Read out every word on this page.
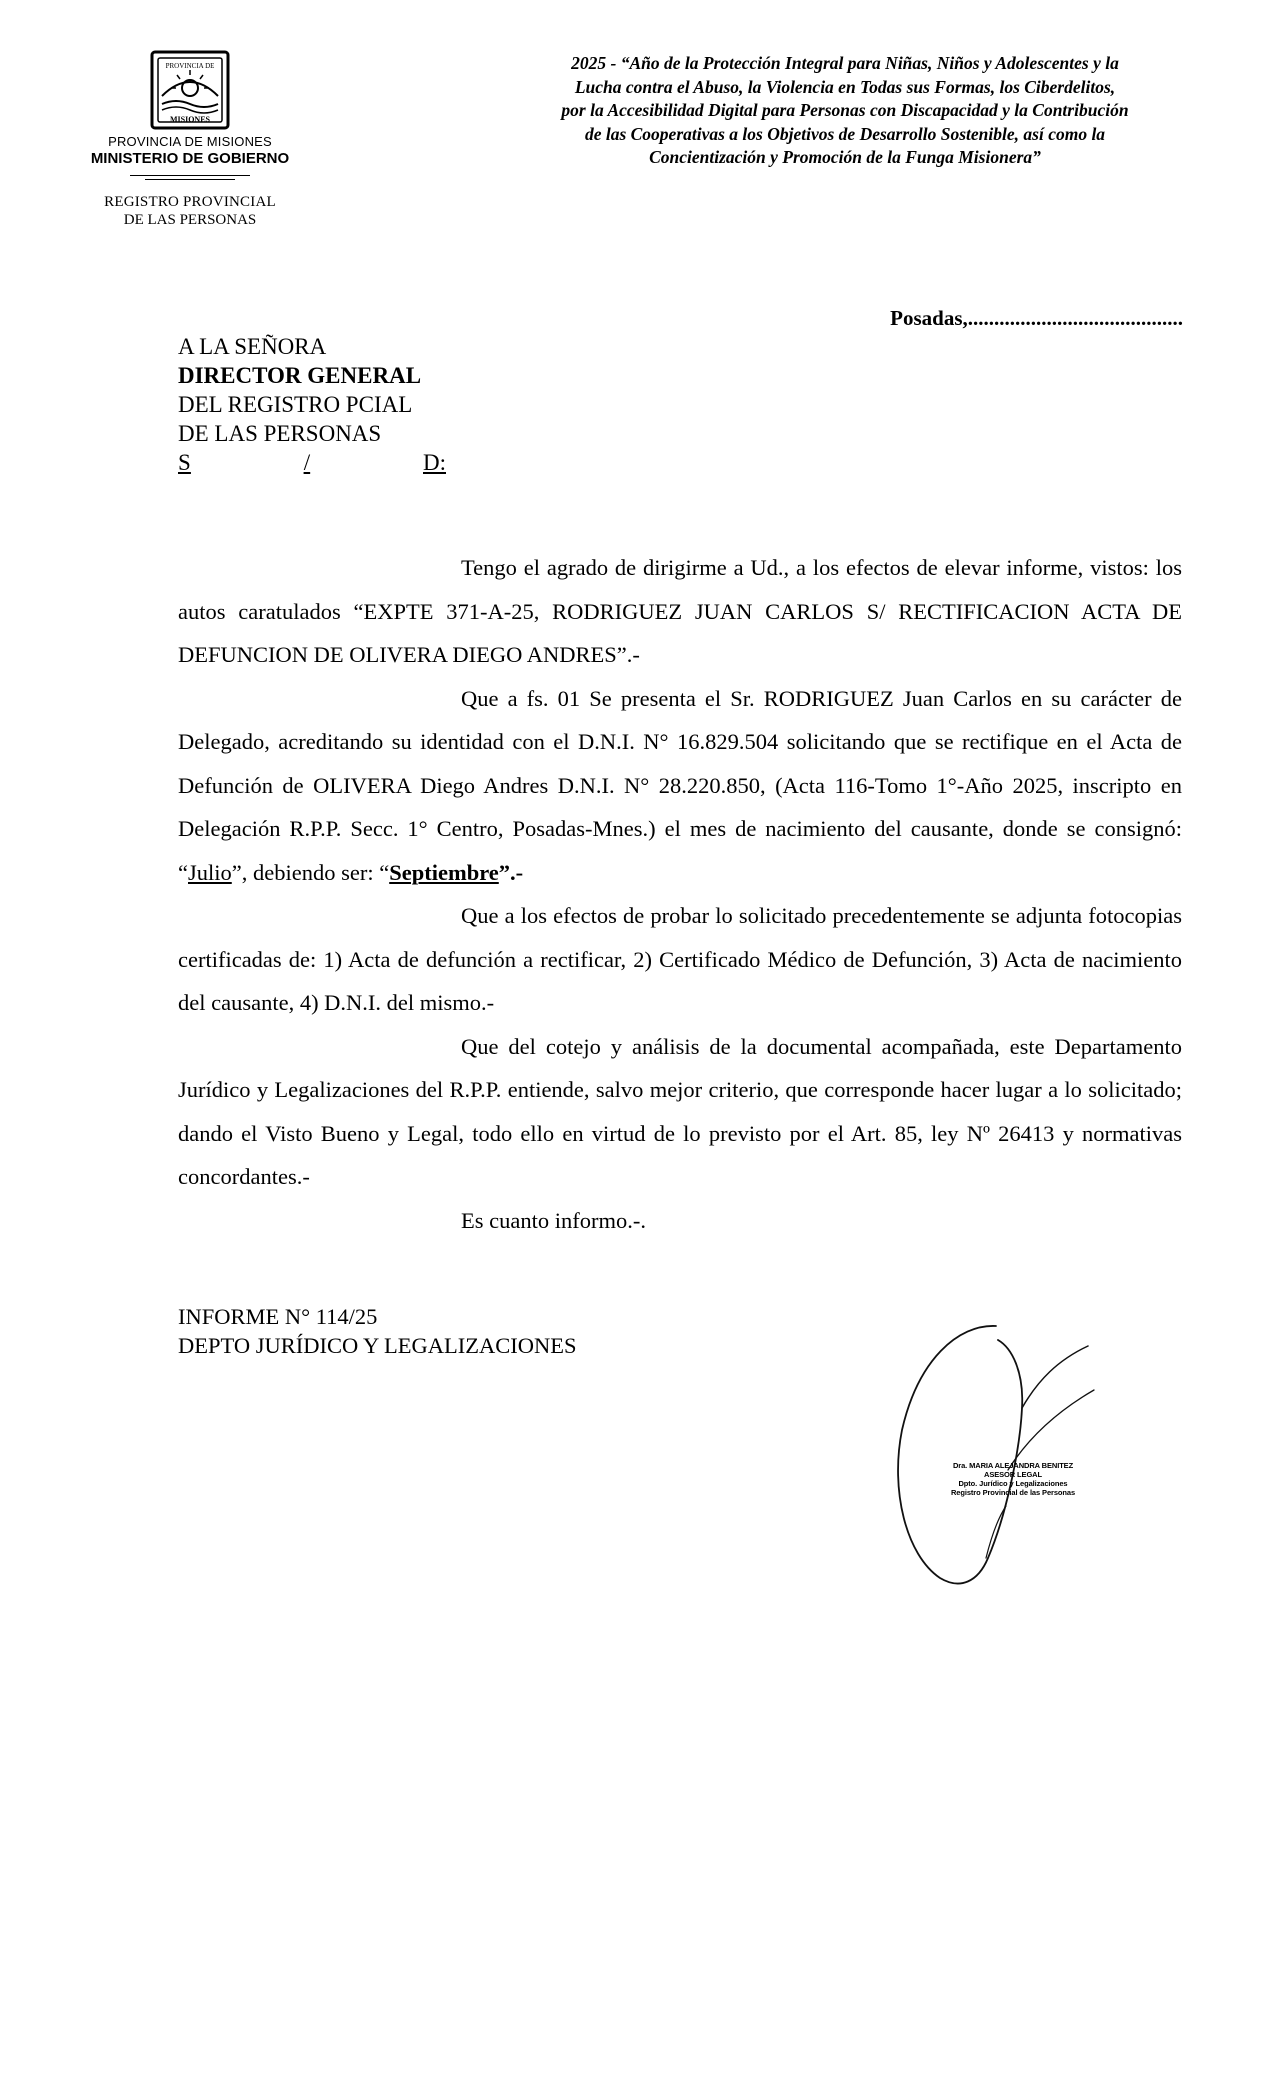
PROVINCIA DE
MISIONES
PROVINCIA DE MISIONES
MINISTERIO DE GOBIERNO
REGISTRO PROVINCIAL
DE LAS PERSONAS
2025 - “Año de la Protección Integral para Niñas, Niños y Adolescentes y la
Lucha contra el Abuso, la Violencia en Todas sus Formas, los Ciberdelitos,
por la Accesibilidad Digital para Personas con Discapacidad y la Contribución
de las Cooperativas a los Objetivos de Desarrollo Sostenible, así como la
Concientización y Promoción de la Funga Misionera”
Posadas,.........................................
A LA SEÑORA
DIRECTOR GENERAL
DEL REGISTRO PCIAL
DE LAS PERSONAS
S	/	D:

Tengo el agrado de dirigirme a Ud., a los efectos de elevar informe, vistos: los autos caratulados “EXPTE 371-A-25, RODRIGUEZ JUAN CARLOS S/ RECTIFICACION ACTA DE DEFUNCION DE OLIVERA DIEGO ANDRES”.-

Que a fs. 01 Se presenta el Sr. RODRIGUEZ Juan Carlos en su carácter de Delegado, acreditando su identidad con el D.N.I. N° 16.829.504 solicitando que se rectifique en el Acta de Defunción de OLIVERA Diego Andres D.N.I. N° 28.220.850, (Acta 116-Tomo 1°-Año 2025, inscripto en Delegación R.P.P. Secc. 1° Centro, Posadas-Mnes.) el mes de nacimiento del causante, donde se consignó: “Julio”, debiendo ser: “Septiembre”.-

Que a los efectos de probar lo solicitado precedentemente se adjunta fotocopias certificadas de: 1) Acta de defunción a rectificar, 2) Certificado Médico de Defunción, 3) Acta de nacimiento del causante, 4) D.N.I. del mismo.-

Que del cotejo y análisis de la documental acompañada, este Departamento Jurídico y Legalizaciones del R.P.P. entiende, salvo mejor criterio, que corresponde hacer lugar a lo solicitado; dando el Visto Bueno y Legal, todo ello en virtud de lo previsto por el Art. 85, ley Nº 26413 y normativas concordantes.-

Es cuanto informo.-.

INFORME N° 114/25
DEPTO JURÍDICO Y LEGALIZACIONES
Dra. MARIA ALEJANDRA BENITEZ
ASESOR LEGAL
Dpto. Jurídico y Legalizaciones
Registro Provincial de las Personas
